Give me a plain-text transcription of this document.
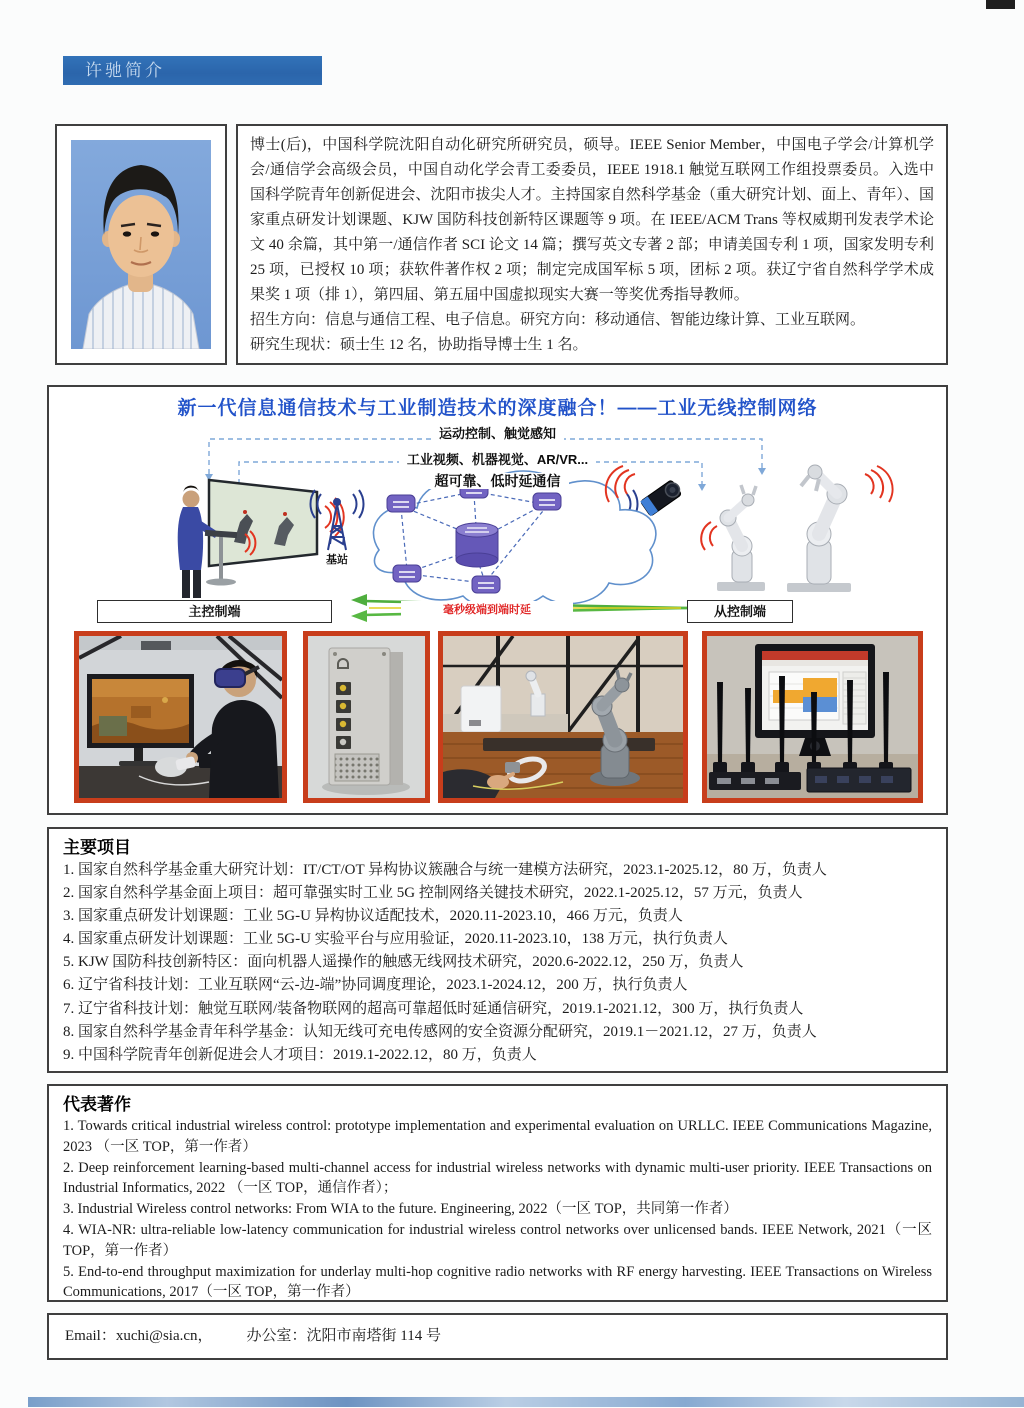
许驰简介

博士(后)，中国科学院沈阳自动化研究所研究员，硕导。IEEE Senior Member，中国电子学会/计算机学会/通信学会高级会员，中国自动化学会青工委委员，IEEE 1918.1 触觉互联网工作组投票委员。入选中国科学院青年创新促进会、沈阳市拔尖人才。主持国家自然科学基金（重大研究计划、面上、青年）、国家重点研发计划课题、KJW 国防科技创新特区课题等 9 项。在 IEEE/ACM Trans 等权威期刊发表学术论文 40 余篇，其中第一/通信作者 SCI 论文 14 篇；撰写英文专著 2 部；申请美国专利 1 项，国家发明专利 25 项，已授权 10 项；获软件著作权 2 项；制定完成国军标 5 项，团标 2 项。获辽宁省自然科学学术成果奖 1 项（排 1），第四届、第五届中国虚拟现实大赛一等奖优秀指导教师。

招生方向：信息与通信工程、电子信息。研究方向：移动通信、智能边缘计算、工业互联网。

研究生现状：硕士生 12 名，协助指导博士生 1 名。

新一代信息通信技术与工业制造技术的深度融合！——工业无线控制网络
基站
运动控制、触觉感知
工业视频、机器视觉、AR/VR...
超可靠、低时延通信
主控制端	从控制端
毫秒级端到端时延
主要项目
1. 国家自然科学基金重大研究计划：IT/CT/OT 异构协议簇融合与统一建模方法研究，2023.1-2025.12，80 万，负责人
2. 国家自然科学基金面上项目：超可靠强实时工业 5G 控制网络关键技术研究，2022.1-2025.12，57 万元，负责人
3. 国家重点研发计划课题：工业 5G-U 异构协议适配技术，2020.11-2023.10，466 万元，负责人
4. 国家重点研发计划课题：工业 5G-U 实验平台与应用验证，2020.11-2023.10，138 万元，执行负责人
5. KJW 国防科技创新特区：面向机器人遥操作的触感无线网技术研究，2020.6-2022.12，250 万，负责人
6. 辽宁省科技计划：工业互联网“云-边-端”协同调度理论，2023.1-2024.12，200 万，执行负责人
7. 辽宁省科技计划：触觉互联网/装备物联网的超高可靠超低时延通信研究，2019.1-2021.12，300 万，执行负责人
8. 国家自然科学基金青年科学基金：认知无线可充电传感网的安全资源分配研究，2019.1－2021.12，27 万，负责人
9. 中国科学院青年创新促进会人才项目：2019.1-2022.12，80 万，负责人
代表著作
1. Towards critical industrial wireless control: prototype implementation and experimental evaluation on URLLC. IEEE Communications Magazine, 2023 （一区 TOP，第一作者）
2. Deep reinforcement learning-based multi-channel access for industrial wireless networks with dynamic multi-user priority. IEEE Transactions on Industrial Informatics, 2022 （一区 TOP，通信作者）；
3. Industrial Wireless control networks: From WIA to the future. Engineering, 2022（一区 TOP，共同第一作者）
4. WIA-NR: ultra-reliable low-latency communication for industrial wireless control networks over unlicensed bands. IEEE Network, 2021（一区 TOP，第一作者）
5. End-to-end throughput maximization for underlay multi-hop cognitive radio networks with RF energy harvesting. IEEE Transactions on Wireless Communications, 2017（一区 TOP，第一作者）
Email：xuchi@sia.cn， 办公室：沈阳市南塔街 114 号
